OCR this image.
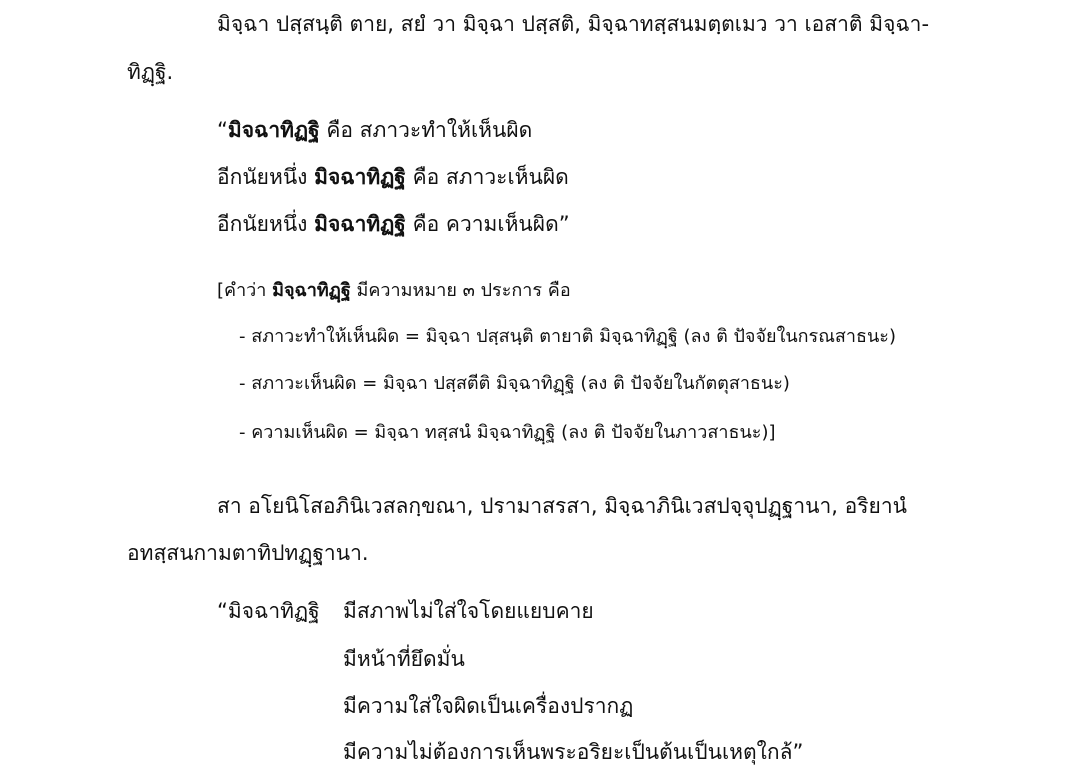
มิจฺฉา ปสฺสนฺติ ตาย, สยํ วา มิจฺฉา ปสฺสติ, มิจฺฉาทสฺสนมตฺตเมว วา เอสาติ มิจฺฉา-
ทิฏฺฐิ.
“มิจฉาทิฏฐิ คือ สภาวะทำให้เห็นผิด
อีกนัยหนึ่ง มิจฉาทิฏฐิ คือ สภาวะเห็นผิด
อีกนัยหนึ่ง มิจฉาทิฏฐิ คือ ความเห็นผิด”
[คำว่า มิจฺฉาทิฏฺฐิ มีความหมาย ๓ ประการ คือ
- สภาวะทำให้เห็นผิด = มิจฺฉา ปสฺสนฺติ ตายาติ มิจฺฉาทิฏฺฐิ (ลง ติ ปัจจัยในกรณสาธนะ)
- สภาวะเห็นผิด = มิจฺฉา ปสฺสตีติ มิจฺฉาทิฏฺฐิ (ลง ติ ปัจจัยในกัตตุสาธนะ)
- ความเห็นผิด = มิจฺฉา ทสฺสนํ มิจฺฉาทิฏฺฐิ (ลง ติ ปัจจัยในภาวสาธนะ)]
สา อโยนิโสอภินิเวสลกฺขณา, ปรามาสรสา, มิจฺฉาภินิเวสปจฺจุปฏฺฐานา, อริยานํ
อทสฺสนกามตาทิปทฏฺฐานา.
“มิจฉาทิฏฐิ มีสภาพไม่ใส่ใจโดยแยบคาย
มีหน้าที่ยึดมั่น
มีความใส่ใจผิดเป็นเครื่องปรากฏ
มีความไม่ต้องการเห็นพระอริยะเป็นต้นเป็นเหตุใกล้”
